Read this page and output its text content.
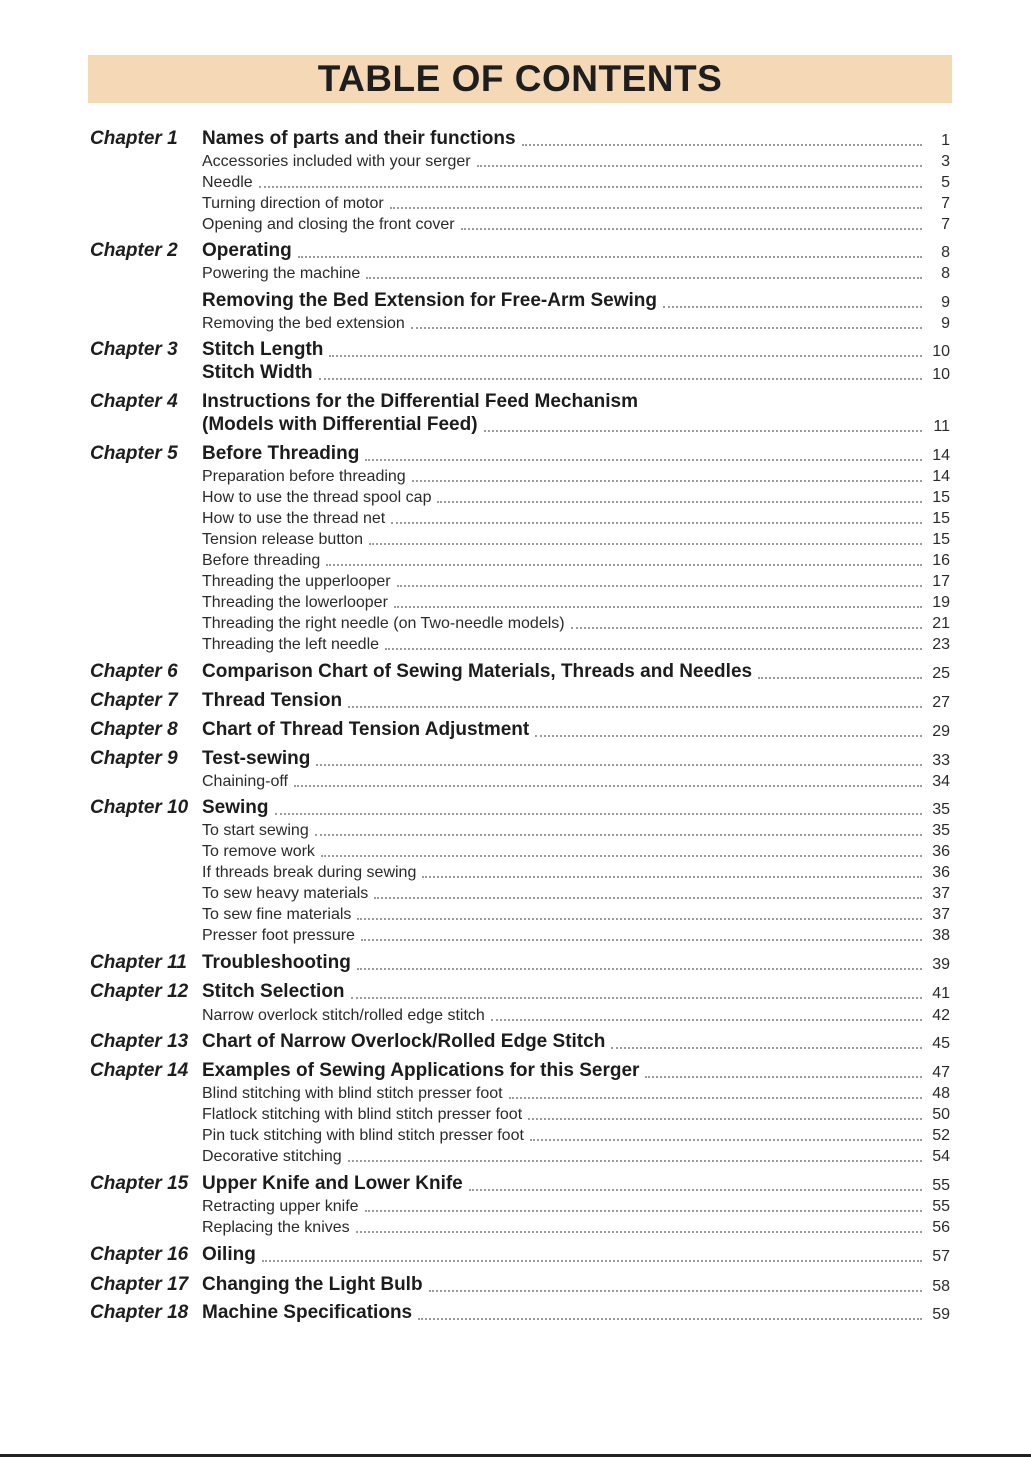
TABLE OF CONTENTS
Chapter 1 Names of parts and their functions	1
Accessories included with your serger	3
Needle	5
Turning direction of motor	7
Opening and closing the front cover	7
Chapter 2 Operating	8
Powering the machine	8
Removing the Bed Extension for Free-Arm Sewing	9
Removing the bed extension	9
Chapter 3 Stitch Length	10
Stitch Width	10
Chapter 4 Instructions for the Differential Feed Mechanism
(Models with Differential Feed)	11
Chapter 5 Before Threading	14
Preparation before threading	14
How to use the thread spool cap	15
How to use the thread net	15
Tension release button	15
Before threading	16
Threading the upperlooper	17
Threading the lowerlooper	19
Threading the right needle (on Two-needle models)	21
Threading the left needle	23
Chapter 6 Comparison Chart of Sewing Materials, Threads and Needles	25
Chapter 7 Thread Tension	27
Chapter 8 Chart of Thread Tension Adjustment	29
Chapter 9 Test-sewing	33
Chaining-off	34
Chapter 10 Sewing	35
To start sewing	35
To remove work	36
If threads break during sewing	36
To sew heavy materials	37
To sew fine materials	37
Presser foot pressure	38
Chapter 11 Troubleshooting	39
Chapter 12 Stitch Selection	41
Narrow overlock stitch/rolled edge stitch	42
Chapter 13 Chart of Narrow Overlock/Rolled Edge Stitch	45
Chapter 14 Examples of Sewing Applications for this Serger	47
Blind stitching with blind stitch presser foot	48
Flatlock stitching with blind stitch presser foot	50
Pin tuck stitching with blind stitch presser foot	52
Decorative stitching	54
Chapter 15 Upper Knife and Lower Knife	55
Retracting upper knife	55
Replacing the knives	56
Chapter 16 Oiling	57
Chapter 17 Changing the Light Bulb	58
Chapter 18 Machine Specifications	59
